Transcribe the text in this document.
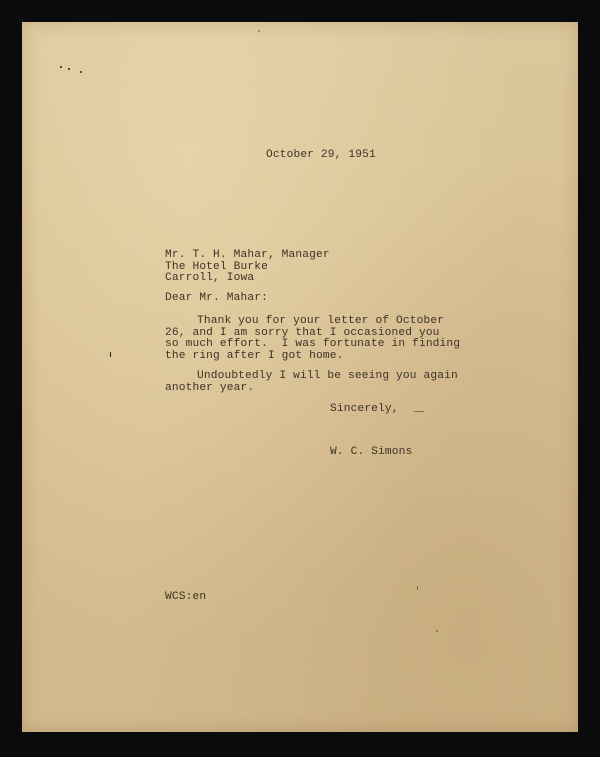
October 29, 1951
Mr. T. H. Mahar, Manager
The Hotel Burke
Carroll, Iowa
Dear Mr. Mahar:
Thank you for your letter of October
26, and I am sorry that I occasioned you
so much effort.  I was fortunate in finding
the ring after I got home.
Undoubtedly I will be seeing you again
another year.
Sincerely,
W. C. Simons
WCS:en
